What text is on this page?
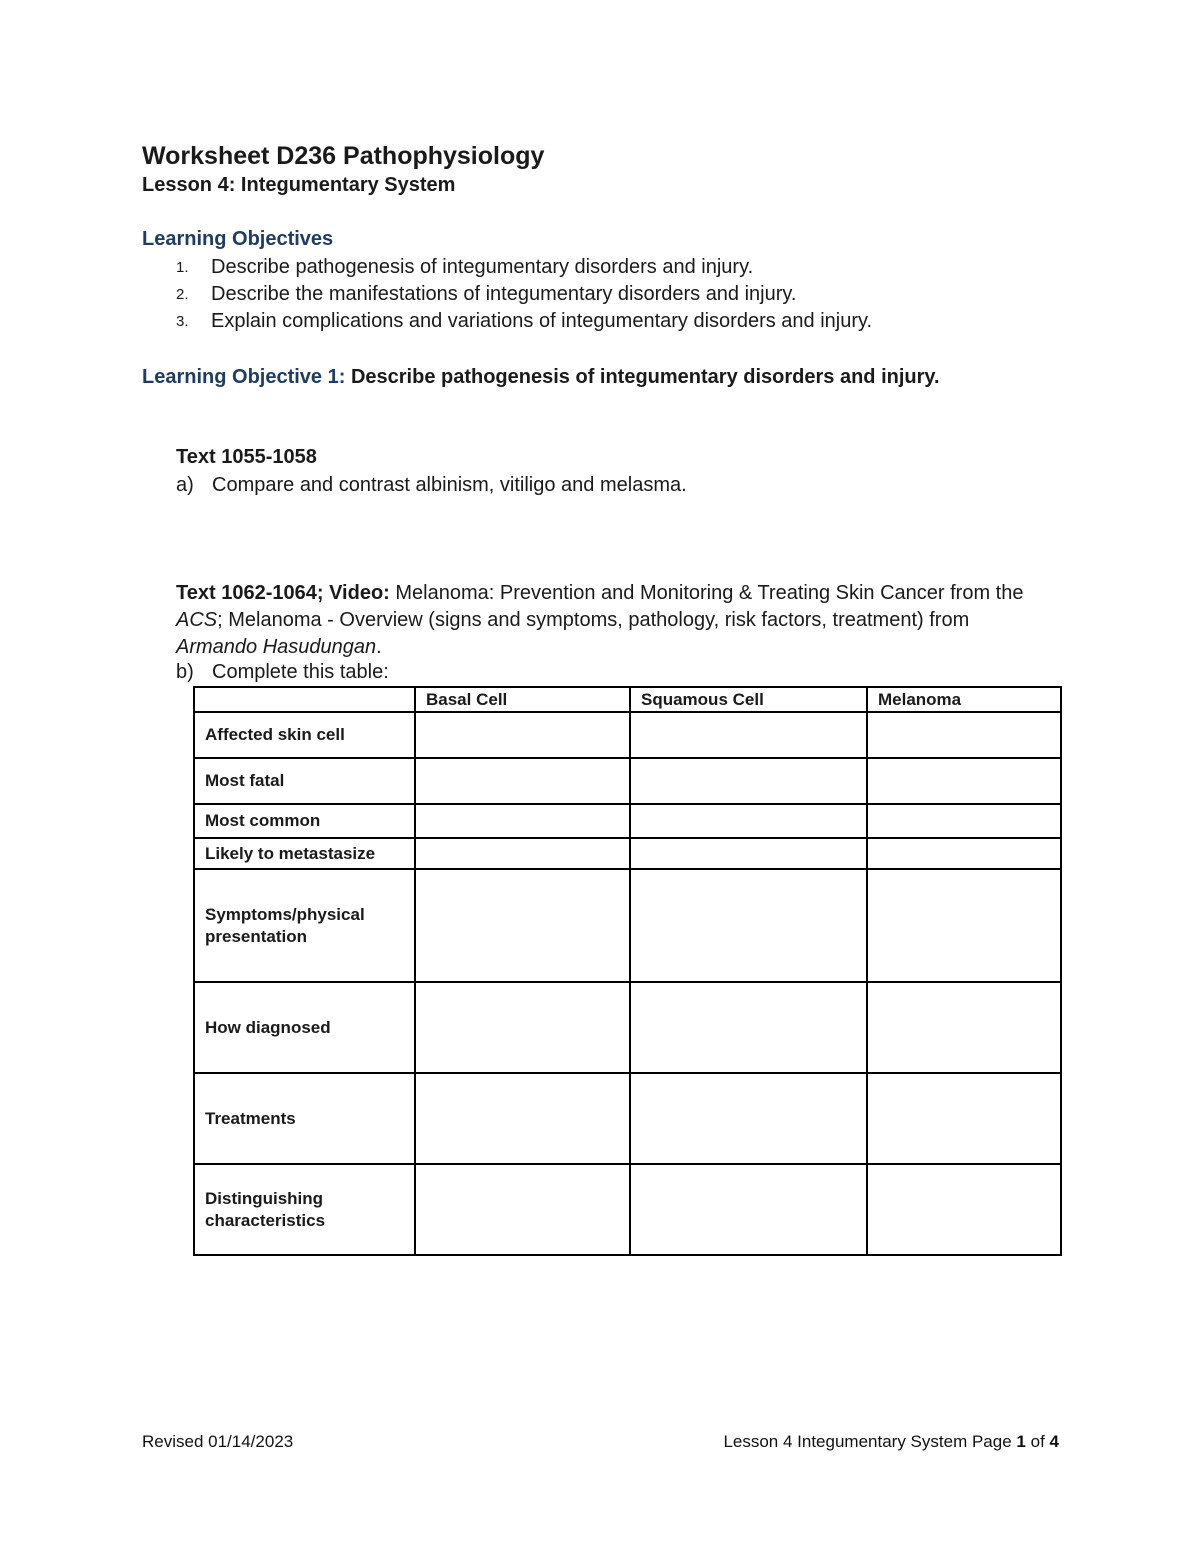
Worksheet D236 Pathophysiology
Lesson 4: Integumentary System
Learning Objectives
1. Describe pathogenesis of integumentary disorders and injury.
2. Describe the manifestations of integumentary disorders and injury.
3. Explain complications and variations of integumentary disorders and injury.
Learning Objective 1: Describe pathogenesis of integumentary disorders and injury.
Text 1055-1058
a) Compare and contrast albinism, vitiligo and melasma.
Text 1062-1064; Video: Melanoma: Prevention and Monitoring & Treating Skin Cancer from the ACS; Melanoma - Overview (signs and symptoms, pathology, risk factors, treatment) from Armando Hasudungan.
b) Complete this table:
	Basal Cell	Squamous Cell	Melanoma
Affected skin cell			
Most fatal			
Most common			
Likely to metastasize			
Symptoms/physical presentation			
How diagnosed			
Treatments			
Distinguishing characteristics			
Revised 01/14/2023	Lesson 4 Integumentary System Page 1 of 4
